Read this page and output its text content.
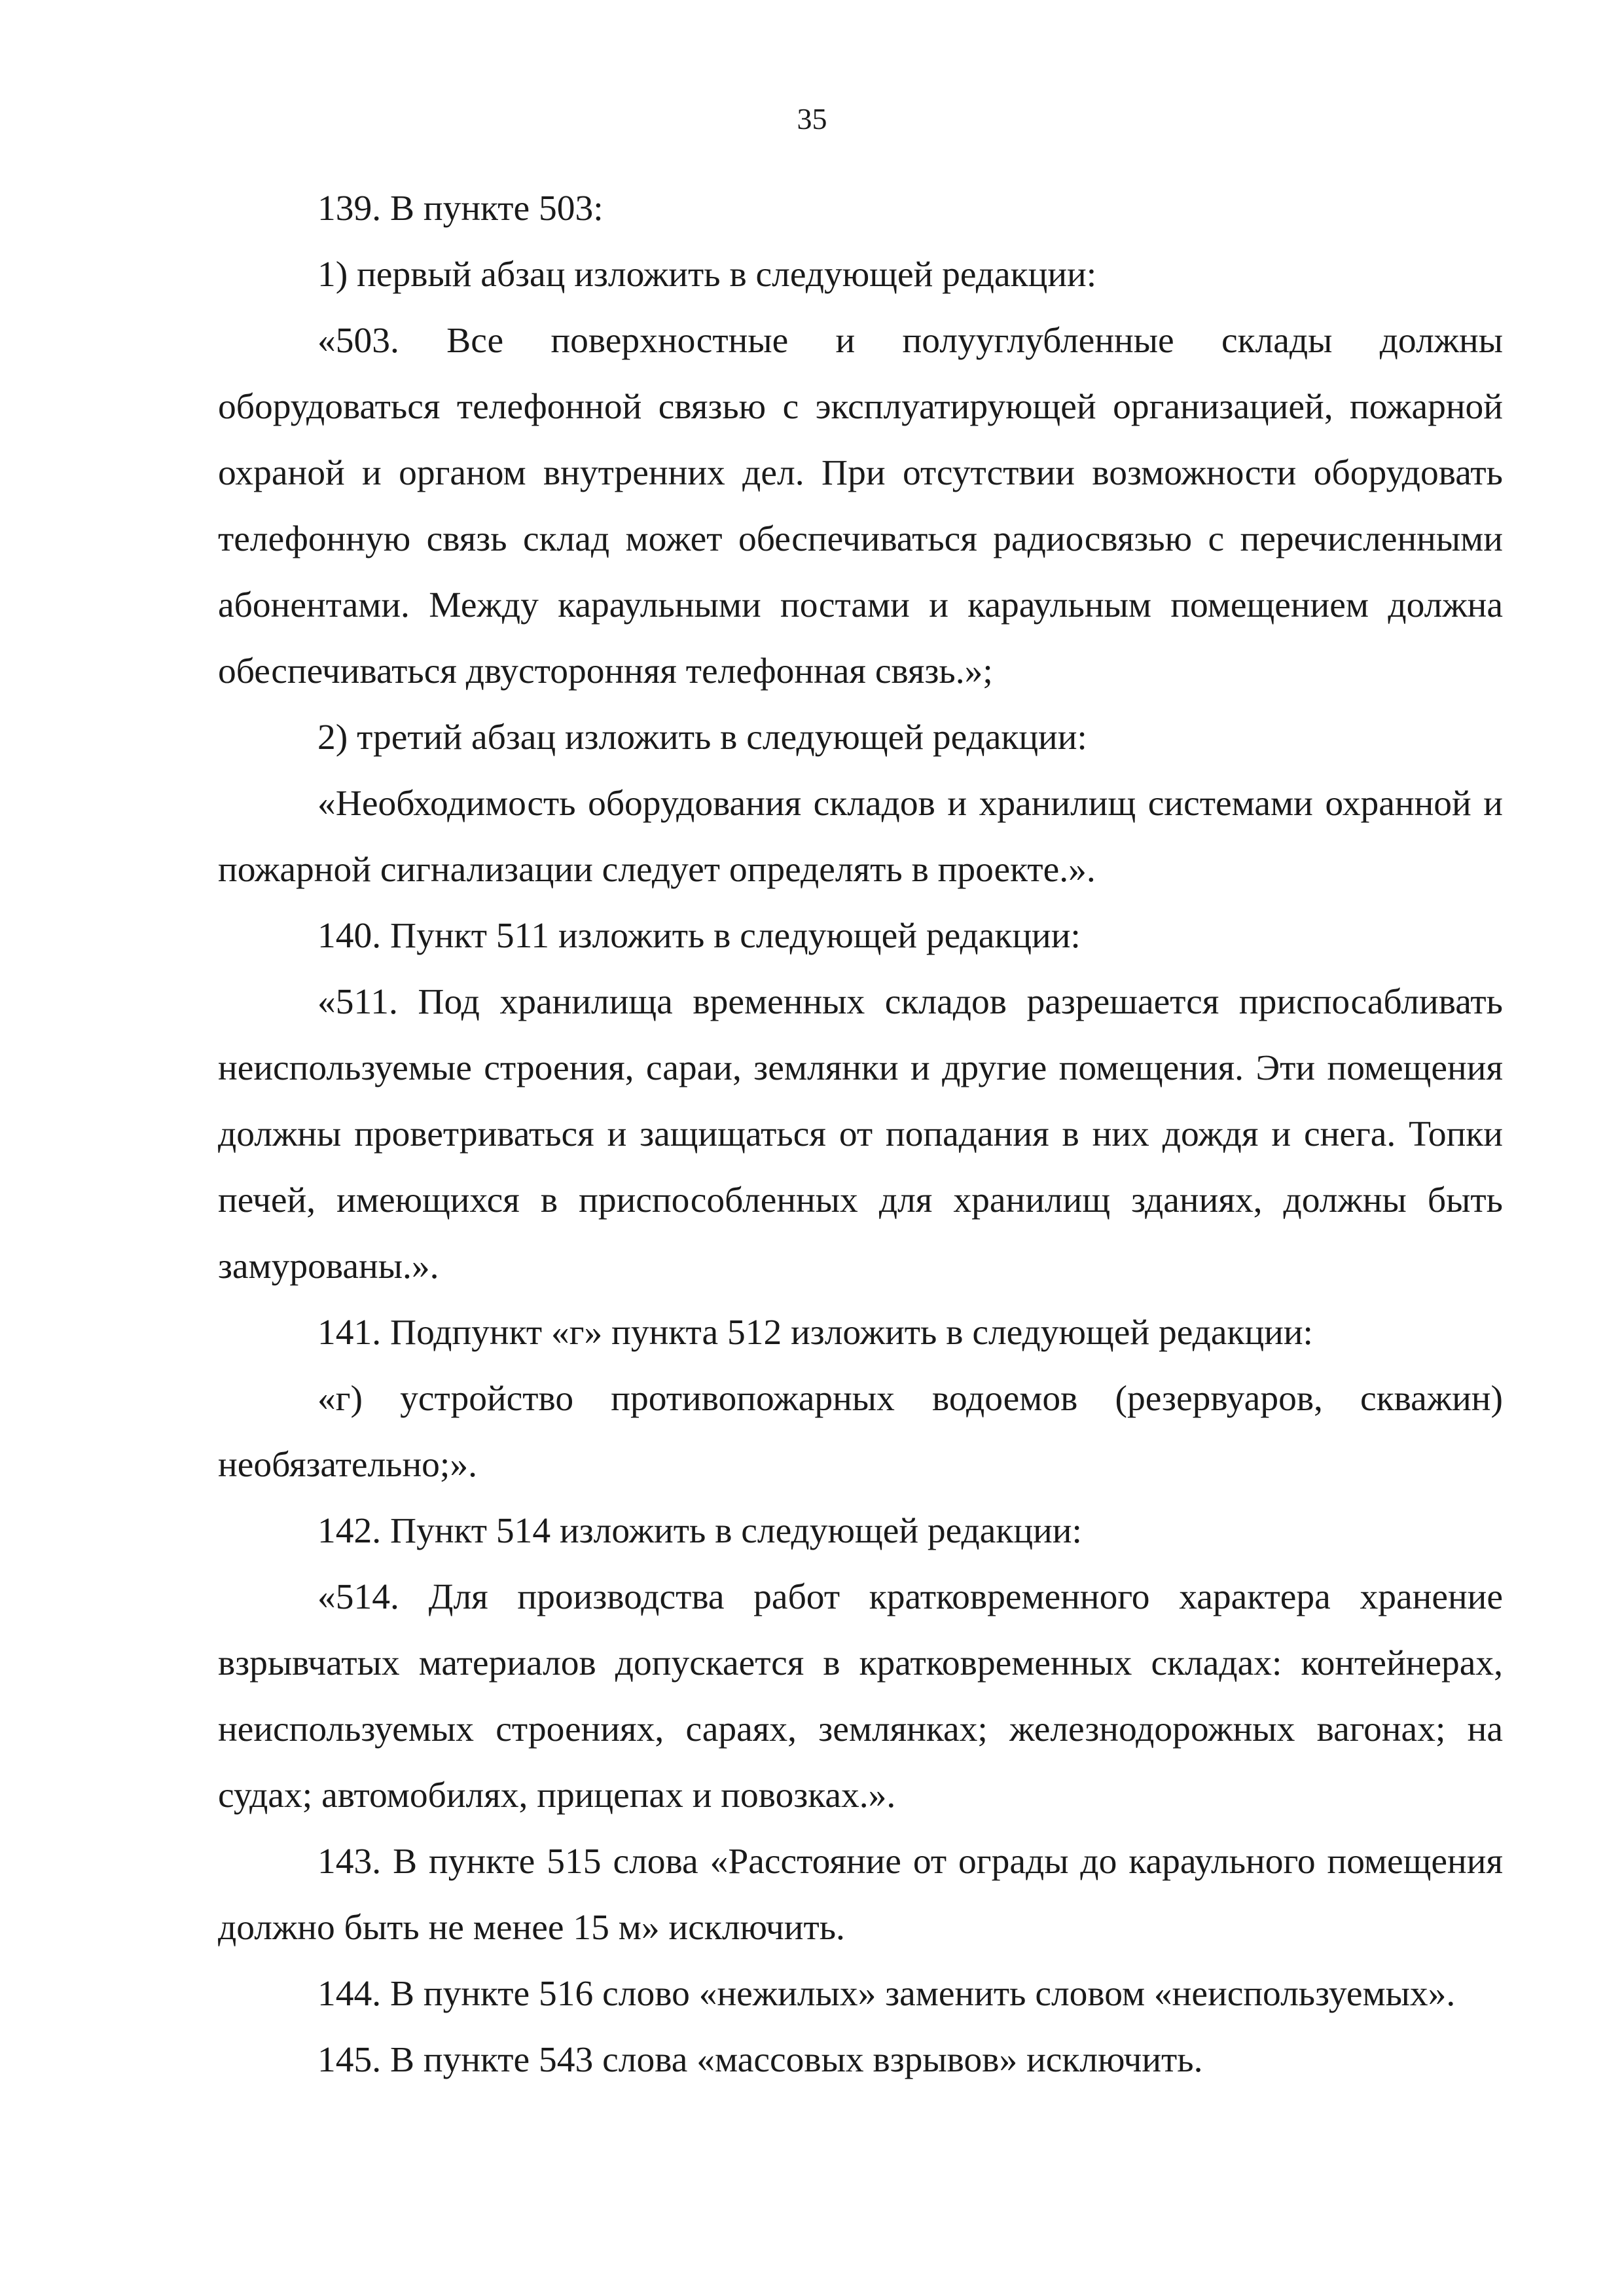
35

139. В пункте 503:

1) первый абзац изложить в следующей редакции:

«503. Все поверхностные и полууглубленные склады должны оборудоваться телефонной связью с эксплуатирующей организацией, пожарной охраной и органом внутренних дел. При отсутствии возможности оборудовать телефонную связь склад может обеспечиваться радиосвязью с перечисленными абонентами. Между караульными постами и караульным помещением должна обеспечиваться двусторонняя телефонная связь.»;

2) третий абзац изложить в следующей редакции:

«Необходимость оборудования складов и хранилищ системами охранной и пожарной сигнализации следует определять в проекте.».

140. Пункт 511 изложить в следующей редакции:

«511. Под хранилища временных складов разрешается приспосабливать неиспользуемые строения, сараи, землянки и другие помещения. Эти помещения должны проветриваться и защищаться от попадания в них дождя и снега. Топки печей, имеющихся в приспособленных для хранилищ зданиях, должны быть замурованы.».

141. Подпункт «г» пункта 512 изложить в следующей редакции:

«г) устройство противопожарных водоемов (резервуаров, скважин) необязательно;».

142. Пункт 514 изложить в следующей редакции:

«514. Для производства работ кратковременного характера хранение взрывчатых материалов допускается в кратковременных складах: контейнерах, неиспользуемых строениях, сараях, землянках; железнодорожных вагонах; на судах; автомобилях, прицепах и повозках.».

143. В пункте 515 слова «Расстояние от ограды до караульного помещения должно быть не менее 15 м» исключить.

144. В пункте 516 слово «нежилых» заменить словом «неиспользуемых».

145. В пункте 543 слова «массовых взрывов» исключить.
